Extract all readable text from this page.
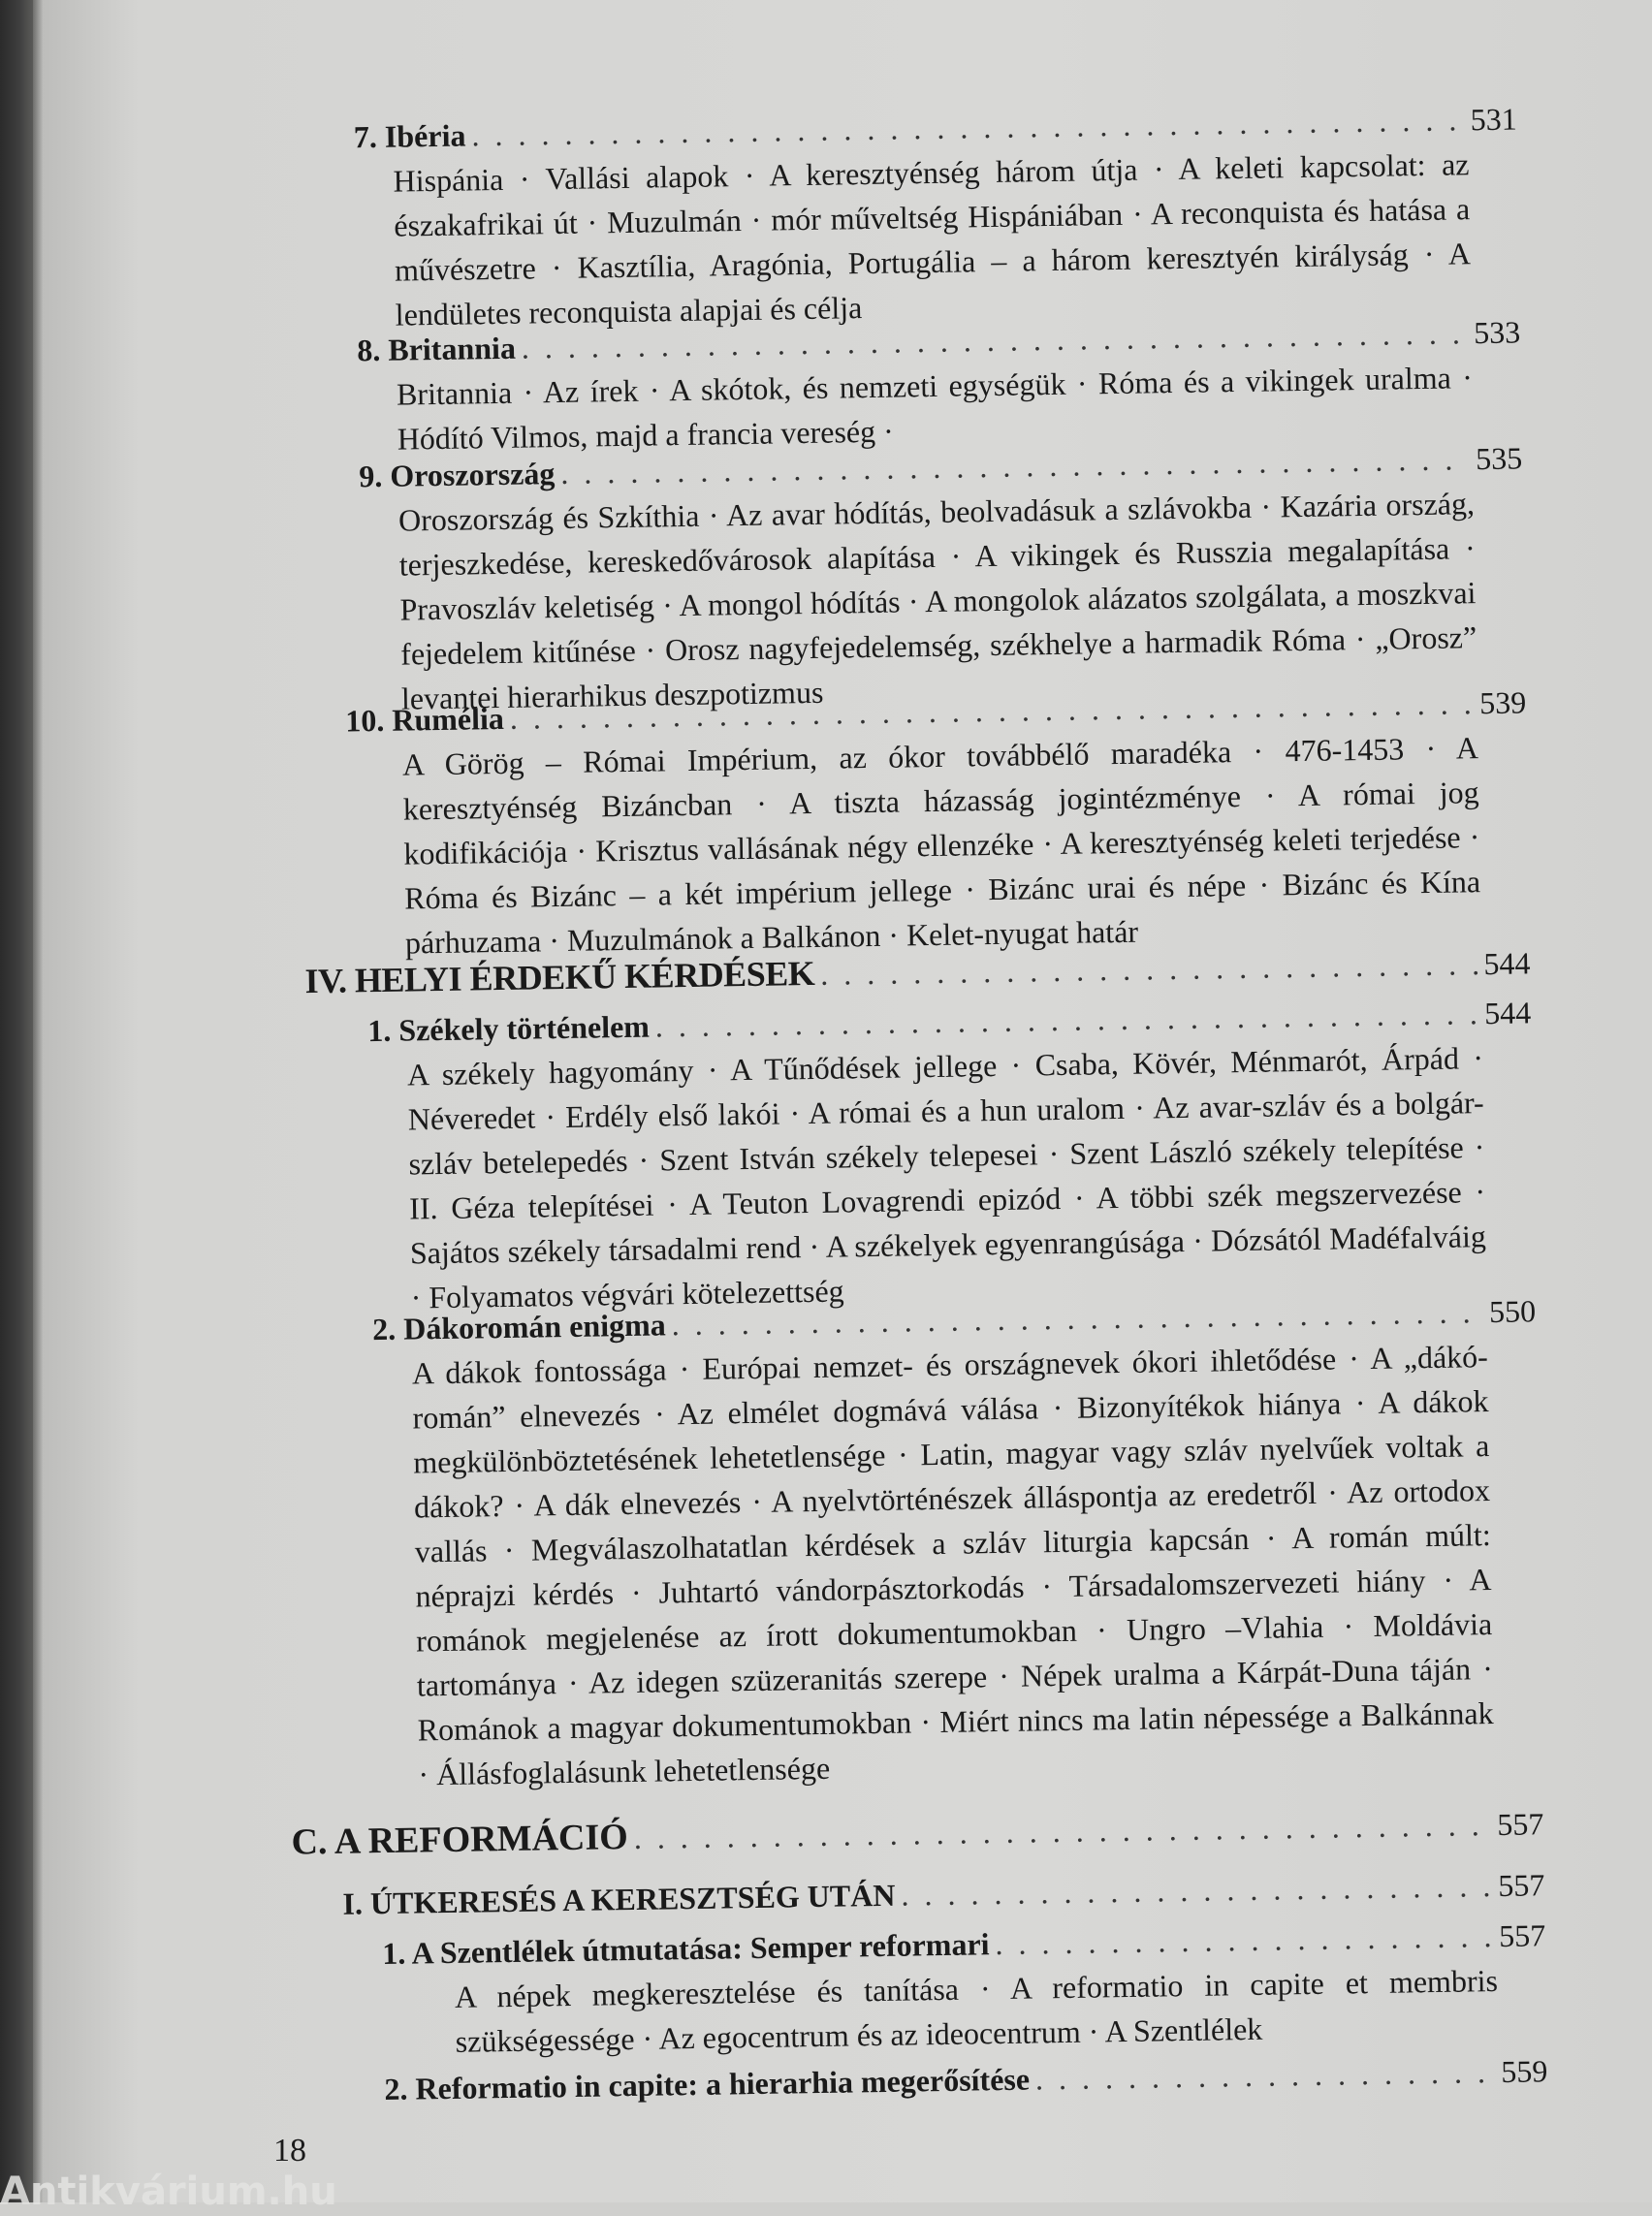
7. Ibéria . . .	531
Hispánia · Vallási alapok · A keresztyénség három útja · A keleti kapcsolat: az északafrikai út · Muzulmán · mór műveltség Hispániában · A reconquista és hatása a művészetre · Kasztília, Aragónia, Portugália – a három keresztyén királyság · A lendületes reconquista alapjai és célja
8. Britannia . . .	533
Britannia · Az írek · A skótok, és nemzeti egységük · Róma és a vikingek uralma · Hódító Vilmos, majd a francia vereség ·
9. Oroszország . . .	535
Oroszország és Szkíthia · Az avar hódítás, beolvadásuk a szlávokba · Kazária ország, terjeszkedése, kereskedővárosok alapítása · A vikingek és Russzia megalapítása · Pravoszláv keletiség · A mongol hódítás · A mongolok alázatos szolgálata, a moszkvai fejedelem kitűnése · Orosz nagyfejedelemség, székhelye a harmadik Róma · „Orosz” levantei hierarhikus deszpotizmus
10. Rumélia . . .	539
A Görög – Római Impérium, az ókor továbbélő maradéka · 476-1453 · A keresztyénség Bizáncban · A tiszta házasság jogintézménye · A római jog kodifikációja · Krisztus vallásának négy ellenzéke · A keresztyénség keleti terjedése · Róma és Bizánc – a két impérium jellege · Bizánc urai és népe · Bizánc és Kína párhuzama · Muzulmánok a Balkánon · Kelet-nyugat határ
IV. HELYI ÉRDEKŰ KÉRDÉSEK . . .	544
1. Székely történelem . . .	544
A székely hagyomány · A Tűnődések jellege · Csaba, Kövér, Ménmarót, Árpád · Néveredet · Erdély első lakói · A római és a hun uralom · Az avar-szláv és a bolgár-szláv betelepedés · Szent István székely telepesei · Szent László székely telepítése · II. Géza telepítései · A Teuton Lovagrendi epizód · A többi szék megszervezése · Sajátos székely társadalmi rend · A székelyek egyenrangúsága · Dózsától Madéfalváig · Folyamatos végvári kötelezettség
2. Dákoromán enigma . . .	550
A dákok fontossága · Európai nemzet- és országnevek ókori ihletődése · A „dákó-román” elnevezés · Az elmélet dogmává válása · Bizonyítékok hiánya · A dákok megkülönböztetésének lehetetlensége · Latin, magyar vagy szláv nyelvűek voltak a dákok? · A dák elnevezés · A nyelvtörténészek álláspontja az eredetről · Az ortodox vallás · Megválaszolhatatlan kérdések a szláv liturgia kapcsán · A román múlt: néprajzi kérdés · Juhtartó vándorpásztorkodás · Társadalomszervezeti hiány · A románok megjelenése az írott dokumentumokban · Ungro –Vlahia · Moldávia tartománya · Az idegen szüzeranitás szerepe · Népek uralma a Kárpát-Duna táján · Románok a magyar dokumentumokban · Miért nincs ma latin népessége a Balkánnak · Állásfoglalásunk lehetetlensége
C. A REFORMÁCIÓ . . .	557
I. ÚTKERESÉS A KERESZTSÉG UTÁN . . .	557
1. A Szentlélek útmutatása: Semper reformari . . .	557
A népek megkeresztelése és tanítása · A reformatio in capite et membris szükségessége · Az egocentrum és az ideocentrum · A Szentlélek
2. Reformatio in capite: a hierarhia megerősítése . . .	559
18
Antikvárium.hu
